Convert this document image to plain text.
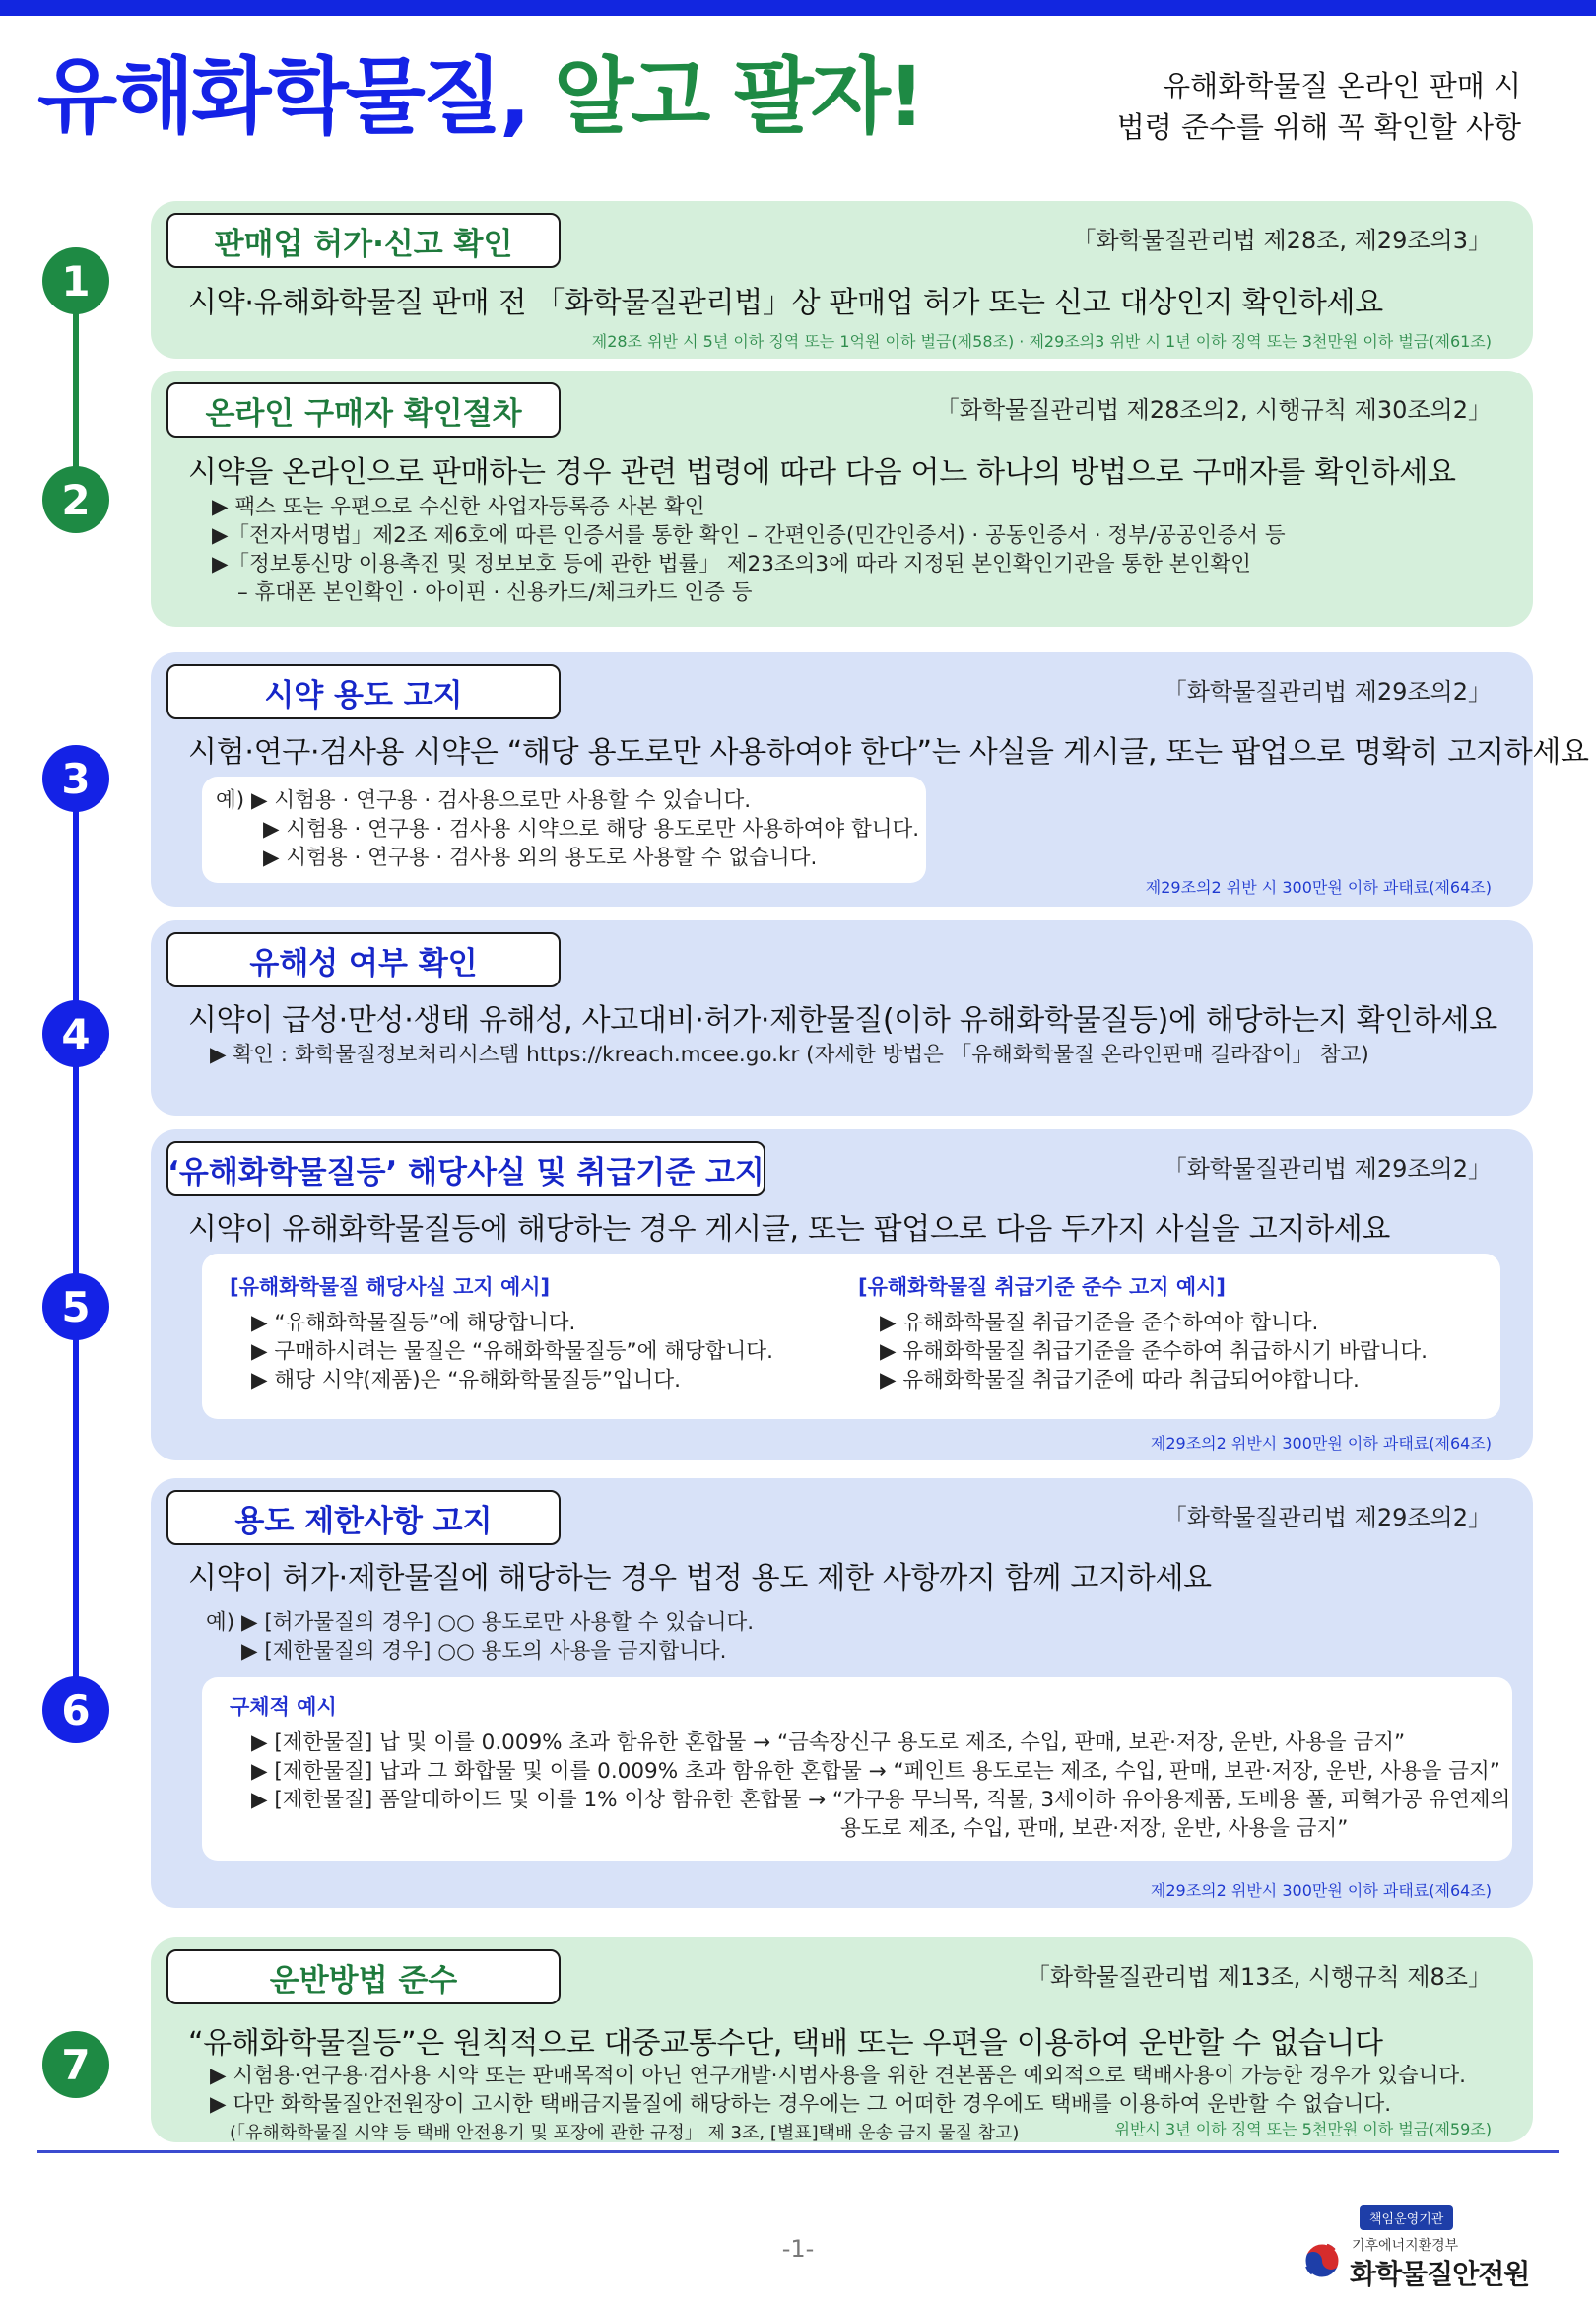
유해화학물질, 알고 팔자!	유해화학물질 온라인 판매 시
법령 준수를 위해 꼭 확인할 사항
1
2
3
4
5
6
7
판매업 허가·신고 확인	「화학물질관리법 제28조, 제29조의3」
시약·유해화학물질 판매 전 「화학물질관리법」상 판매업 허가 또는 신고 대상인지 확인하세요
제28조 위반 시 5년 이하 징역 또는 1억원 이하 벌금(제58조) · 제29조의3 위반 시 1년 이하 징역 또는 3천만원 이하 벌금(제61조)
온라인 구매자 확인절차	「화학물질관리법 제28조의2, 시행규칙 제30조의2」
시약을 온라인으로 판매하는 경우 관련 법령에 따라 다음 어느 하나의 방법으로 구매자를 확인하세요
▶ 팩스 또는 우편으로 수신한 사업자등록증 사본 확인
▶「전자서명법」제2조 제6호에 따른 인증서를 통한 확인 – 간편인증(민간인증서) · 공동인증서 · 정부/공공인증서 등
▶「정보통신망 이용촉진 및 정보보호 등에 관한 법률」 제23조의3에 따라 지정된 본인확인기관을 통한 본인확인
– 휴대폰 본인확인 · 아이핀 · 신용카드/체크카드 인증 등
시약 용도 고지	「화학물질관리법 제29조의2」
시험·연구·검사용 시약은 “해당 용도로만 사용하여야 한다”는 사실을 게시글, 또는 팝업으로 명확히 고지하세요
예) ▶ 시험용 · 연구용 · 검사용으로만 사용할 수 있습니다.
▶ 시험용 · 연구용 · 검사용 시약으로 해당 용도로만 사용하여야 합니다.
▶ 시험용 · 연구용 · 검사용 외의 용도로 사용할 수 없습니다.
제29조의2 위반 시 300만원 이하 과태료(제64조)
유해성 여부 확인
시약이 급성·만성·생태 유해성, 사고대비·허가·제한물질(이하 유해화학물질등)에 해당하는지 확인하세요
▶ 확인 : 화학물질정보처리시스템 https://kreach.mcee.go.kr (자세한 방법은 「유해화학물질 온라인판매 길라잡이」 참고)
‘유해화학물질등’ 해당사실 및 취급기준 고지	「화학물질관리법 제29조의2」
시약이 유해화학물질등에 해당하는 경우 게시글, 또는 팝업으로 다음 두가지 사실을 고지하세요
[유해화학물질 해당사실 고지 예시]
▶ “유해화학물질등”에 해당합니다.
▶ 구매하시려는 물질은 “유해화학물질등”에 해당합니다.
▶ 해당 시약(제품)은 “유해화학물질등”입니다.
[유해화학물질 취급기준 준수 고지 예시]
▶ 유해화학물질 취급기준을 준수하여야 합니다.
▶ 유해화학물질 취급기준을 준수하여 취급하시기 바랍니다.
▶ 유해화학물질 취급기준에 따라 취급되어야합니다.
제29조의2 위반시 300만원 이하 과태료(제64조)
용도 제한사항 고지	「화학물질관리법 제29조의2」
시약이 허가·제한물질에 해당하는 경우 법정 용도 제한 사항까지 함께 고지하세요
예) ▶ [허가물질의 경우] ○○ 용도로만 사용할 수 있습니다.
▶ [제한물질의 경우] ○○ 용도의 사용을 금지합니다.
구체적 예시
▶ [제한물질] 납 및 이를 0.009% 초과 함유한 혼합물 → “금속장신구 용도로 제조, 수입, 판매, 보관·저장, 운반, 사용을 금지”
▶ [제한물질] 납과 그 화합물 및 이를 0.009% 초과 함유한 혼합물 → “페인트 용도로는 제조, 수입, 판매, 보관·저장, 운반, 사용을 금지”
▶ [제한물질] 폼알데하이드 및 이를 1% 이상 함유한 혼합물 → “가구용 무늬목, 직물, 3세이하 유아용제품, 도배용 풀, 피혁가공 유연제의
용도로 제조, 수입, 판매, 보관·저장, 운반, 사용을 금지”
제29조의2 위반시 300만원 이하 과태료(제64조)
운반방법 준수	「화학물질관리법 제13조, 시행규칙 제8조」
“유해화학물질등”은 원칙적으로 대중교통수단, 택배 또는 우편을 이용하여 운반할 수 없습니다
▶ 시험용·연구용·검사용 시약 또는 판매목적이 아닌 연구개발·시범사용을 위한 견본품은 예외적으로 택배사용이 가능한 경우가 있습니다.
▶ 다만 화학물질안전원장이 고시한 택배금지물질에 해당하는 경우에는 그 어떠한 경우에도 택배를 이용하여 운반할 수 없습니다.
(「유해화학물질 시약 등 택배 안전용기 및 포장에 관한 규정」 제 3조, [별표]택배 운송 금지 물질 참고)	위반시 3년 이하 징역 또는 5천만원 이하 벌금(제59조)
-1-
책임운영기관
기후에너지환경부
화학물질안전원
